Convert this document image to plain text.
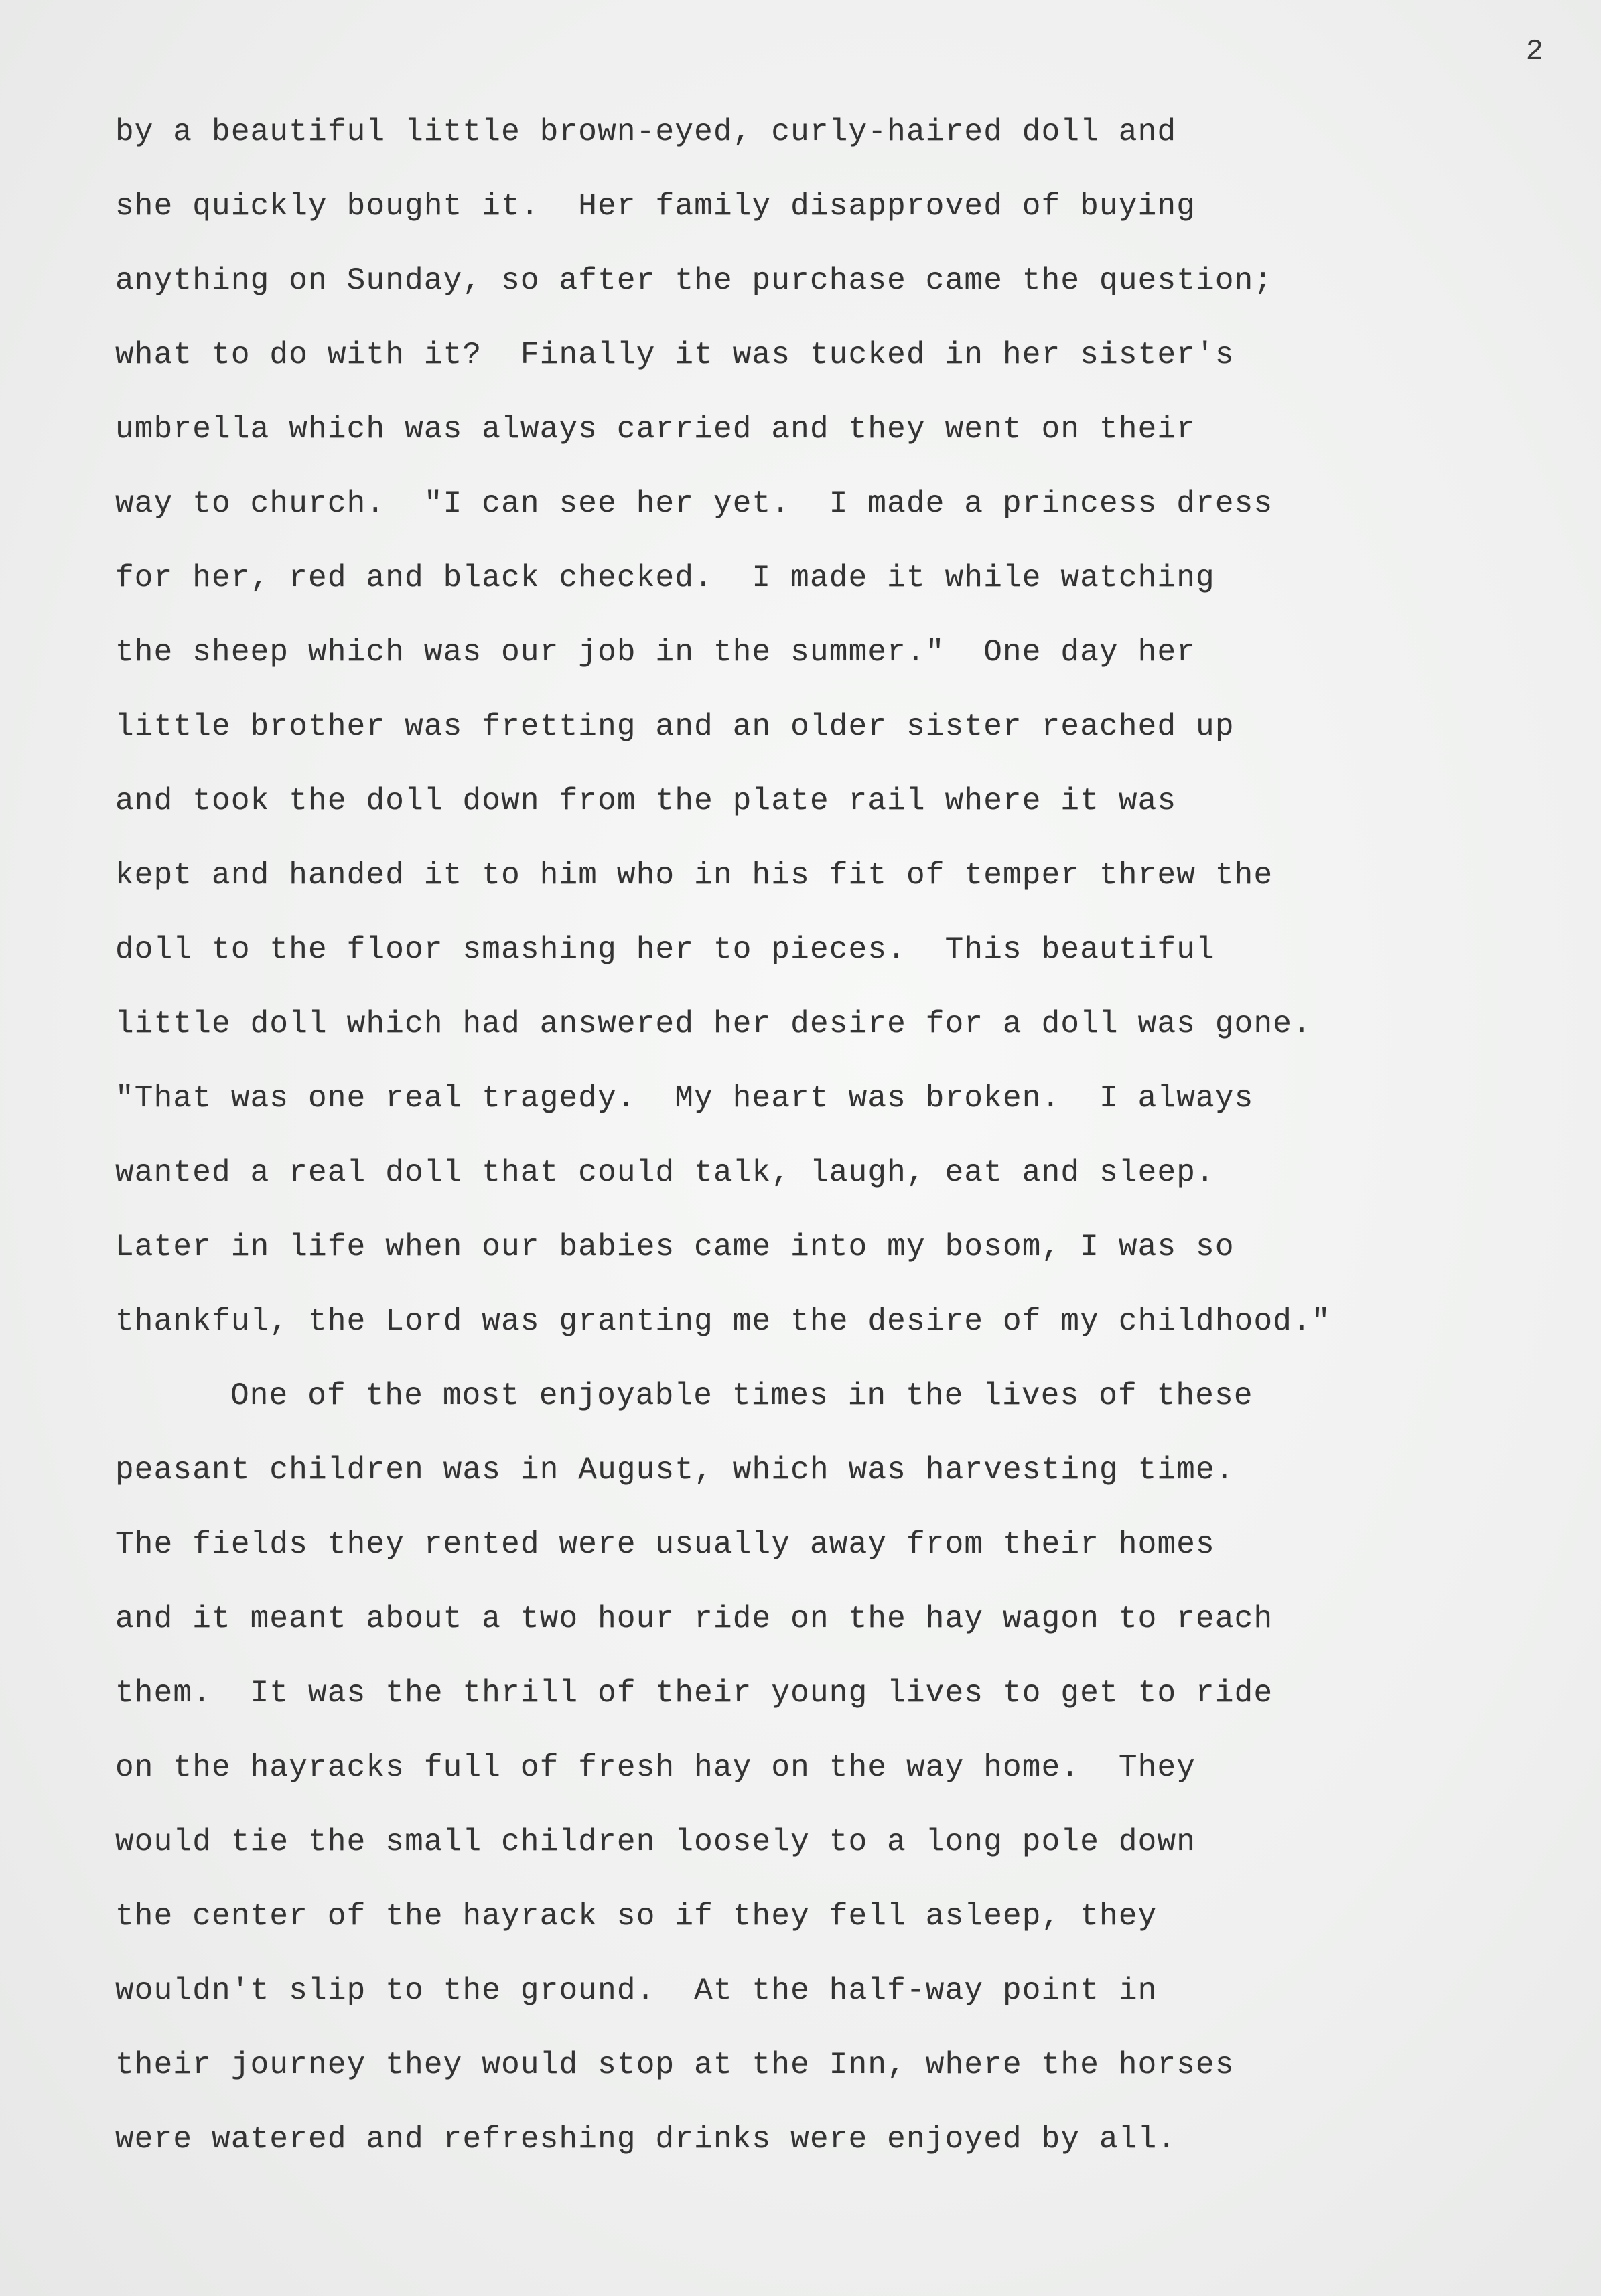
2

by a beautiful little brown-eyed, curly-haired doll and

she quickly bought it.  Her family disapproved of buying

anything on Sunday, so after the purchase came the question;

what to do with it?  Finally it was tucked in her sister's

umbrella which was always carried and they went on their

way to church.  "I can see her yet.  I made a princess dress

for her, red and black checked.  I made it while watching

the sheep which was our job in the summer."  One day her

little brother was fretting and an older sister reached up

and took the doll down from the plate rail where it was

kept and handed it to him who in his fit of temper threw the

doll to the floor smashing her to pieces.  This beautiful

little doll which had answered her desire for a doll was gone.

"That was one real tragedy.  My heart was broken.  I always

wanted a real doll that could talk, laugh, eat and sleep.

Later in life when our babies came into my bosom, I was so

thankful, the Lord was granting me the desire of my childhood."

One of the most enjoyable times in the lives of these

peasant children was in August, which was harvesting time.

The fields they rented were usually away from their homes

and it meant about a two hour ride on the hay wagon to reach

them.  It was the thrill of their young lives to get to ride

on the hayracks full of fresh hay on the way home.  They

would tie the small children loosely to a long pole down

the center of the hayrack so if they fell asleep, they

wouldn't slip to the ground.  At the half-way point in

their journey they would stop at the Inn, where the horses

were watered and refreshing drinks were enjoyed by all.
